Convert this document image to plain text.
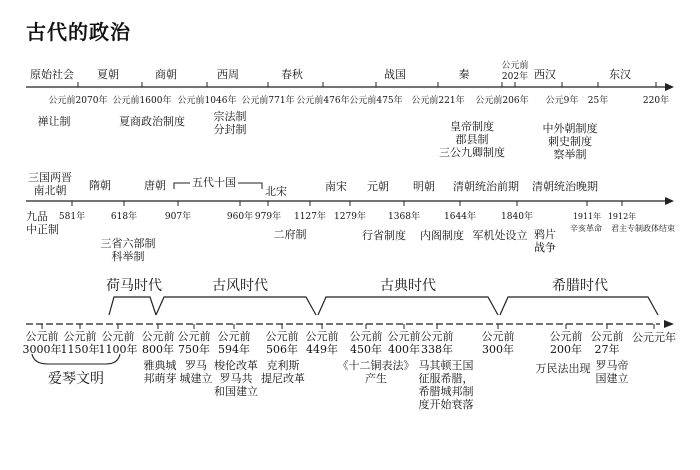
古代的政治
原始社会 夏朝	商朝	西周	春秋	战国	秦	西汉	东汉
公元前202年
公元前2070年 公元前1600年 公元前1046年 公元前771年 公元前476年 公元前475年 公元前221年 公元前206年 公元9年 25年	220年
禅让制	夏商政治制度	宗法制
分封制	皇帝制度
郡县制
三公九卿制度
中外朝制度
刺史制度
察举制
三国两晋
南北朝	隋朝	唐朝 五代十国
北宋	南宋 元朝 明朝 清朝统治前期 清朝统治晚期
581年	618年	907年	960年 979年 1127年 1279年 1368年	1644年	1840年	1911年 1912年
九品
中正制
三省六部制
科举制
二府制	行省制度 内阁制度 军机处设立 鸦片
战争
辛亥革命 君主专制政体结束
荷马时代	古风时代	古典时代	希腊时代
公元前
3000年
公元前
1150年
公元前
1100年
公元前
800年
公元前
750年
公元前
594年
公元前
506年
公元前
449年
公元前
450年
公元前
400年
公元前
338年
公元前
300年
公元前
200年
公元前
27年
公元元年
爱琴文明
雅典城
邦萌芽
罗马
城建立
梭伦改革
罗马共
和国建立
克利斯
提尼改革
《十二铜表法》
产生
马其顿王国
征服希腊，
希腊城邦制
度开始衰落
万民法出现 罗马帝
国建立
